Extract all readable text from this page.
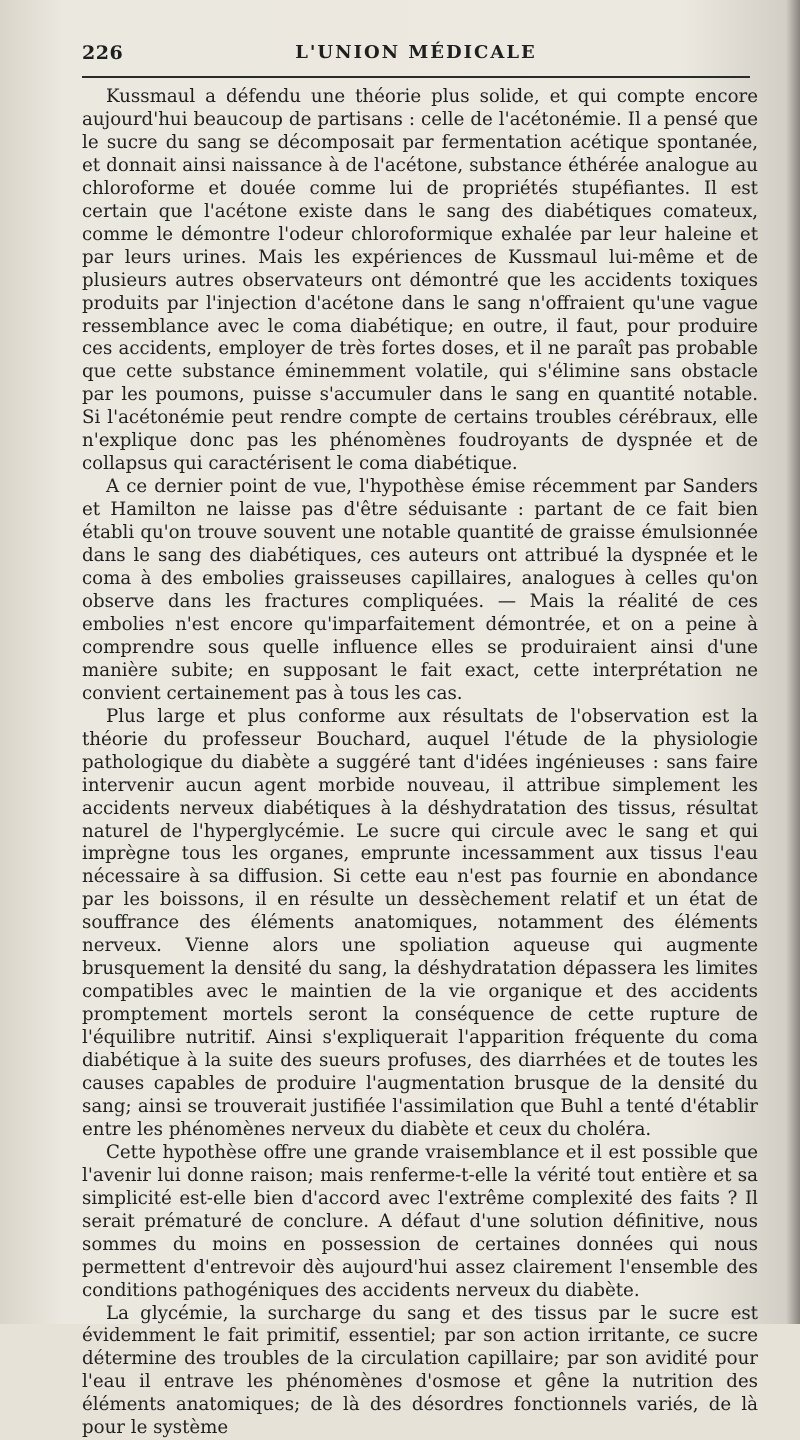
226	L'UNION MÉDICALE

Kussmaul a défendu une théorie plus solide, et qui compte encore aujourd'hui beaucoup de partisans : celle de l'acétonémie. Il a pensé que le sucre du sang se décomposait par fermentation acétique spontanée, et donnait ainsi naissance à de l'acétone, substance éthérée analogue au chloroforme et douée comme lui de propriétés stupéfiantes. Il est certain que l'acétone existe dans le sang des diabétiques comateux, comme le démontre l'odeur chloroformique exhalée par leur haleine et par leurs urines. Mais les expériences de Kussmaul lui-même et de plusieurs autres observateurs ont démontré que les accidents toxiques produits par l'injection d'acétone dans le sang n'offraient qu'une vague ressemblance avec le coma diabétique; en outre, il faut, pour produire ces accidents, employer de très fortes doses, et il ne paraît pas probable que cette substance éminemment volatile, qui s'élimine sans obstacle par les poumons, puisse s'accumuler dans le sang en quantité notable. Si l'acétonémie peut rendre compte de certains troubles cérébraux, elle n'explique donc pas les phénomènes foudroyants de dyspnée et de collapsus qui caractérisent le coma diabétique.

A ce dernier point de vue, l'hypothèse émise récemment par Sanders et Hamilton ne laisse pas d'être séduisante : partant de ce fait bien établi qu'on trouve souvent une notable quantité de graisse émulsionnée dans le sang des diabétiques, ces auteurs ont attribué la dyspnée et le coma à des embolies graisseuses capillaires, analogues à celles qu'on observe dans les fractures compliquées. — Mais la réalité de ces embolies n'est encore qu'imparfaitement démontrée, et on a peine à comprendre sous quelle influence elles se produiraient ainsi d'une manière subite; en supposant le fait exact, cette interprétation ne convient certainement pas à tous les cas.

Plus large et plus conforme aux résultats de l'observation est la théorie du professeur Bouchard, auquel l'étude de la physiologie pathologique du diabète a suggéré tant d'idées ingénieuses : sans faire intervenir aucun agent morbide nouveau, il attribue simplement les accidents nerveux diabétiques à la déshydratation des tissus, résultat naturel de l'hyperglycémie. Le sucre qui circule avec le sang et qui imprègne tous les organes, emprunte incessamment aux tissus l'eau nécessaire à sa diffusion. Si cette eau n'est pas fournie en abondance par les boissons, il en résulte un dessèchement relatif et un état de souffrance des éléments anatomiques, notamment des éléments nerveux. Vienne alors une spoliation aqueuse qui augmente brusquement la densité du sang, la déshydratation dépassera les limites compatibles avec le maintien de la vie organique et des accidents promptement mortels seront la conséquence de cette rupture de l'équilibre nutritif. Ainsi s'expliquerait l'apparition fréquente du coma diabétique à la suite des sueurs profuses, des diarrhées et de toutes les causes capables de produire l'augmentation brusque de la densité du sang; ainsi se trouverait justifiée l'assimilation que Buhl a tenté d'établir entre les phénomènes nerveux du diabète et ceux du choléra.

Cette hypothèse offre une grande vraisemblance et il est possible que l'avenir lui donne raison; mais renferme-t-elle la vérité tout entière et sa simplicité est-elle bien d'accord avec l'extrême complexité des faits ? Il serait prématuré de conclure. A défaut d'une solution définitive, nous sommes du moins en possession de certaines données qui nous permettent d'entrevoir dès aujourd'hui assez clairement l'ensemble des conditions pathogéniques des accidents nerveux du diabète.

La glycémie, la surcharge du sang et des tissus par le sucre est évidemment le fait primitif, essentiel; par son action irritante, ce sucre détermine des troubles de la circulation capillaire; par son avidité pour l'eau il entrave les phénomènes d'osmose et gêne la nutrition des éléments anatomiques; de là des désordres fonctionnels variés, de là pour le système
